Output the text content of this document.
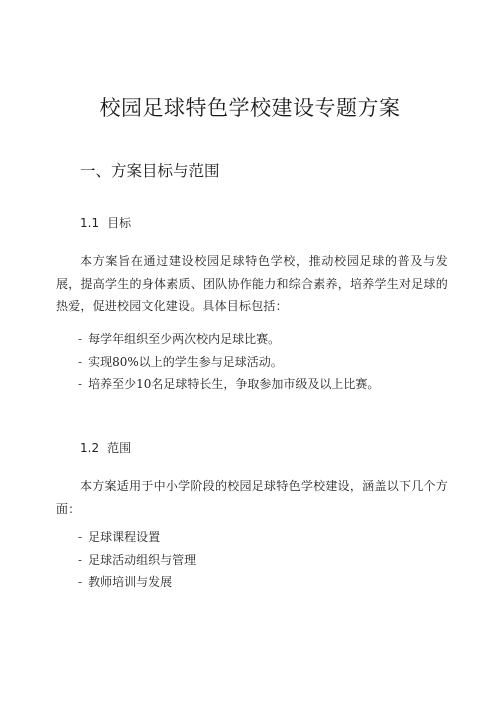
校园足球特色学校建设专题方案
一、方案目标与范围
1.1 目标
本方案旨在通过建设校园足球特色学校，推动校园足球的普及与发展，提高学生的身体素质、团队协作能力和综合素养，培养学生对足球的热爱，促进校园文化建设。具体目标包括：
- 每学年组织至少两次校内足球比赛。
- 实现80%以上的学生参与足球活动。
- 培养至少10名足球特长生，争取参加市级及以上比赛。
1.2 范围
本方案适用于中小学阶段的校园足球特色学校建设，涵盖以下几个方面：
- 足球课程设置
- 足球活动组织与管理
- 教师培训与发展
